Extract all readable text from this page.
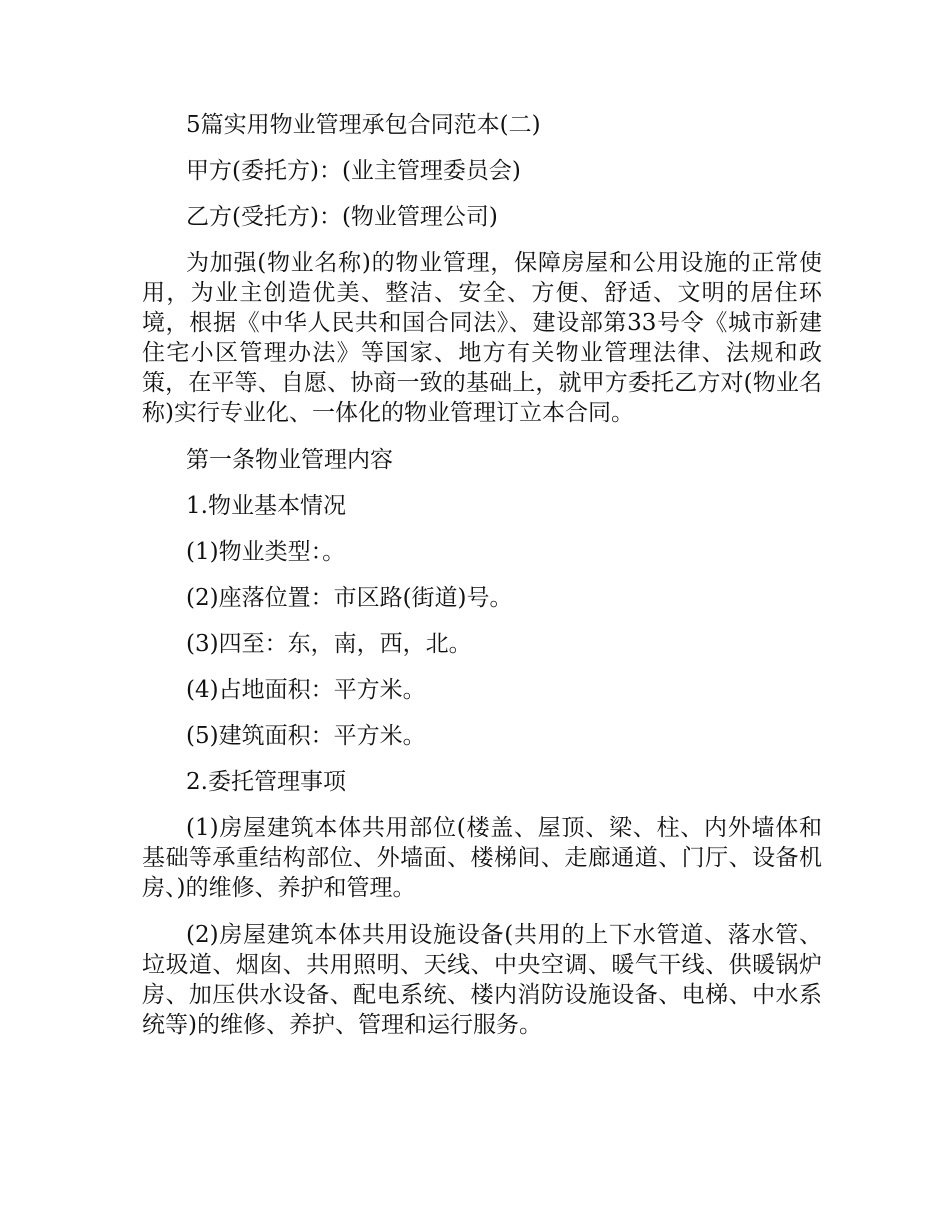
5篇实用物业管理承包合同范本(二)

甲方(委托方)：(业主管理委员会)

乙方(受托方)：(物业管理公司)

为加强(物业名称)的物业管理，保障房屋和公用设施的正常使用，为业主创造优美、整洁、安全、方便、舒适、文明的居住环境，根据《中华人民共和国合同法》、建设部第33号令《城市新建住宅小区管理办法》等国家、地方有关物业管理法律、法规和政策，在平等、自愿、协商一致的基础上，就甲方委托乙方对(物业名称)实行专业化、一体化的物业管理订立本合同。

第一条物业管理内容

1.物业基本情况

(1)物业类型：。

(2)座落位置：市区路(街道)号。

(3)四至：东，南，西，北。

(4)占地面积：平方米。

(5)建筑面积：平方米。

2.委托管理事项

(1)房屋建筑本体共用部位(楼盖、屋顶、梁、柱、内外墙体和基础等承重结构部位、外墙面、楼梯间、走廊通道、门厅、设备机房、)的维修、养护和管理。

(2)房屋建筑本体共用设施设备(共用的上下水管道、落水管、垃圾道、烟囱、共用照明、天线、中央空调、暖气干线、供暖锅炉房、加压供水设备、配电系统、楼内消防设施设备、电梯、中水系统等)的维修、养护、管理和运行服务。
